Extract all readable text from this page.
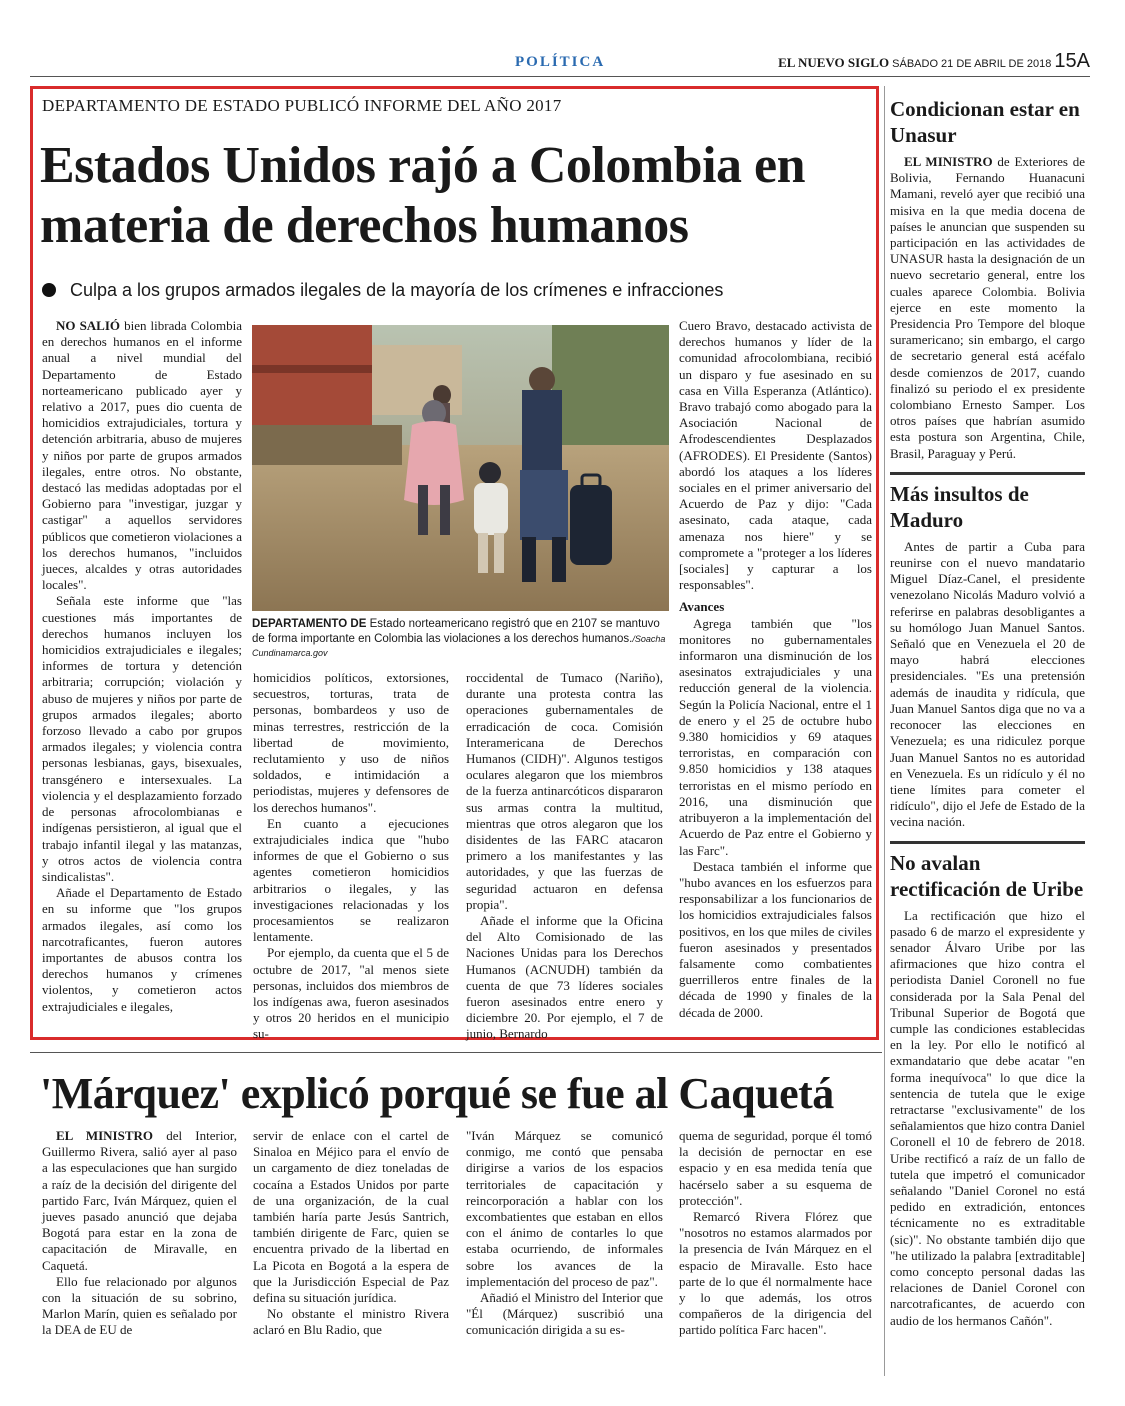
POLÍTICA	EL NUEVO SIGLO SÁBADO 21 DE ABRIL DE 2018 15A
DEPARTAMENTO DE ESTADO PUBLICÓ INFORME DEL AÑO 2017
Estados Unidos rajó a Colombia en materia de derechos humanos
Culpa a los grupos armados ilegales de la mayoría de los crímenes e infracciones

NO SALIÓ bien librada Colombia en derechos humanos en el informe anual a nivel mundial del Departamento de Estado norteamericano publicado ayer y relativo a 2017, pues dio cuenta de homicidios extrajudiciales, tortura y detención arbitraria, abuso de mujeres y niños por parte de grupos armados ilegales, entre otros. No obstante, destacó las medidas adoptadas por el Gobierno para "investigar, juzgar y castigar" a aquellos servidores públicos que cometieron violaciones a los derechos humanos, "incluidos jueces, alcaldes y otras autoridades locales".

Señala este informe que "las cuestiones más importantes de derechos humanos incluyen los homicidios extrajudiciales e ilegales; informes de tortura y detención arbitraria; corrupción; violación y abuso de mujeres y niños por parte de grupos armados ilegales; aborto forzoso llevado a cabo por grupos armados ilegales; y violencia contra personas lesbianas, gays, bisexuales, transgénero e intersexuales. La violencia y el desplazamiento forzado de personas afrocolombianas e indígenas persistieron, al igual que el trabajo infantil ilegal y las matanzas, y otros actos de violencia contra sindicalistas".

Añade el Departamento de Estado en su informe que "los grupos armados ilegales, así como los narcotraficantes, fueron autores importantes de abusos contra los derechos humanos y crímenes violentos, y cometieron actos extrajudiciales e ilegales,

DEPARTAMENTO DE Estado norteamericano registró que en 2107 se mantuvo de forma importante en Colombia las violaciones a los derechos humanos./Soacha Cundinamarca.gov

homicidios políticos, extorsiones, secuestros, torturas, trata de personas, bombardeos y uso de minas terrestres, restricción de la libertad de movimiento, reclutamiento y uso de niños soldados, e intimidación a periodistas, mujeres y defensores de los derechos humanos".

En cuanto a ejecuciones extrajudiciales indica que "hubo informes de que el Gobierno o sus agentes cometieron homicidios arbitrarios o ilegales, y las investigaciones relacionadas y los procesamientos se realizaron lentamente.

Por ejemplo, da cuenta que el 5 de octubre de 2017, "al menos siete personas, incluidos dos miembros de los indígenas awa, fueron asesinados y otros 20 heridos en el municipio su-

roccidental de Tumaco (Nariño), durante una protesta contra las operaciones gubernamentales de erradicación de coca. Comisión Interamericana de Derechos Humanos (CIDH)". Algunos testigos oculares alegaron que los miembros de la fuerza antinarcóticos dispararon sus armas contra la multitud, mientras que otros alegaron que los disidentes de las FARC atacaron primero a los manifestantes y las autoridades, y que las fuerzas de seguridad actuaron en defensa propia".

Añade el informe que la Oficina del Alto Comisionado de las Naciones Unidas para los Derechos Humanos (ACNUDH) también da cuenta de que 73 líderes sociales fueron asesinados entre enero y diciembre 20. Por ejemplo, el 7 de junio, Bernardo

Cuero Bravo, destacado activista de derechos humanos y líder de la comunidad afrocolombiana, recibió un disparo y fue asesinado en su casa en Villa Esperanza (Atlántico). Bravo trabajó como abogado para la Asociación Nacional de Afrodescendientes Desplazados (AFRODES). El Presidente (Santos) abordó los ataques a los líderes sociales en el primer aniversario del Acuerdo de Paz y dijo: "Cada asesinato, cada ataque, cada amenaza nos hiere" y se compromete a "proteger a los líderes [sociales] y capturar a los responsables".

Avances

Agrega también que "los monitores no gubernamentales informaron una disminución de los asesinatos extrajudiciales y una reducción general de la violencia. Según la Policía Nacional, entre el 1 de enero y el 25 de octubre hubo 9.380 homicidios y 69 ataques terroristas, en comparación con 9.850 homicidios y 138 ataques terroristas en el mismo período en 2016, una disminución que atribuyeron a la implementación del Acuerdo de Paz entre el Gobierno y las Farc".

Destaca también el informe que "hubo avances en los esfuerzos para responsabilizar a los funcionarios de los homicidios extrajudiciales falsos positivos, en los que miles de civiles fueron asesinados y presentados falsamente como combatientes guerrilleros entre finales de la década de 1990 y finales de la década de 2000.

Condicionan estar en Unasur

EL MINISTRO de Exteriores de Bolivia, Fernando Huanacuni Mamani, reveló ayer que recibió una misiva en la que media docena de países le anuncian que suspenden su participación en las actividades de UNASUR hasta la designación de un nuevo secretario general, entre los cuales aparece Colombia. Bolivia ejerce en este momento la Presidencia Pro Tempore del bloque suramericano; sin embargo, el cargo de secretario general está acéfalo desde comienzos de 2017, cuando finalizó su periodo el ex presidente colombiano Ernesto Samper. Los otros países que habrían asumido esta postura son Argentina, Chile, Brasil, Paraguay y Perú.

Más insultos de Maduro

Antes de partir a Cuba para reunirse con el nuevo mandatario Miguel Díaz-Canel, el presidente venezolano Nicolás Maduro volvió a referirse en palabras desobligantes a su homólogo Juan Manuel Santos. Señaló que en Venezuela el 20 de mayo habrá elecciones presidenciales. "Es una pretensión además de inaudita y ridícula, que Juan Manuel Santos diga que no va a reconocer las elecciones en Venezuela; es una ridiculez porque Juan Manuel Santos no es autoridad en Venezuela. Es un ridículo y él no tiene límites para cometer el ridículo", dijo el Jefe de Estado de la vecina nación.

No avalan rectificación de Uribe

La rectificación que hizo el pasado 6 de marzo el expresidente y senador Álvaro Uribe por las afirmaciones que hizo contra el periodista Daniel Coronell no fue considerada por la Sala Penal del Tribunal Superior de Bogotá que cumple las condiciones establecidas en la ley. Por ello le notificó al exmandatario que debe acatar "en forma inequívoca" lo que dice la sentencia de tutela que le exige retractarse "exclusivamente" de los señalamientos que hizo contra Daniel Coronell el 10 de febrero de 2018. Uribe rectificó a raíz de un fallo de tutela que impetró el comunicador señalando "Daniel Coronel no está pedido en extradición, entonces técnicamente no es extraditable (sic)". No obstante también dijo que "he utilizado la palabra [extraditable] como concepto personal dadas las relaciones de Daniel Coronel con narcotraficantes, de acuerdo con audio de los hermanos Cañón".

'Márquez' explicó porqué se fue al Caquetá

EL MINISTRO del Interior, Guillermo Rivera, salió ayer al paso a las especulaciones que han surgido a raíz de la decisión del dirigente del partido Farc, Iván Márquez, quien el jueves pasado anunció que dejaba Bogotá para estar en la zona de capacitación de Miravalle, en Caquetá.

Ello fue relacionado por algunos con la situación de su sobrino, Marlon Marín, quien es señalado por la DEA de EU de

servir de enlace con el cartel de Sinaloa en Méjico para el envío de un cargamento de diez toneladas de cocaína a Estados Unidos por parte de una organización, de la cual también haría parte Jesús Santrich, también dirigente de Farc, quien se encuentra privado de la libertad en La Picota en Bogotá a la espera de que la Jurisdicción Especial de Paz defina su situación jurídica.

No obstante el ministro Rivera aclaró en Blu Radio, que

"Iván Márquez se comunicó conmigo, me contó que pensaba dirigirse a varios de los espacios territoriales de capacitación y reincorporación a hablar con los excombatientes que estaban en ellos con el ánimo de contarles lo que estaba ocurriendo, de informales sobre los avances de la implementación del proceso de paz".

Añadió el Ministro del Interior que "Él (Márquez) suscribió una comunicación dirigida a su es-

quema de seguridad, porque él tomó la decisión de pernoctar en ese espacio y en esa medida tenía que hacérselo saber a su esquema de protección".

Remarcó Rivera Flórez que "nosotros no estamos alarmados por la presencia de Iván Márquez en el espacio de Miravalle. Esto hace parte de lo que él normalmente hace y lo que además, los otros compañeros de la dirigencia del partido política Farc hacen".
